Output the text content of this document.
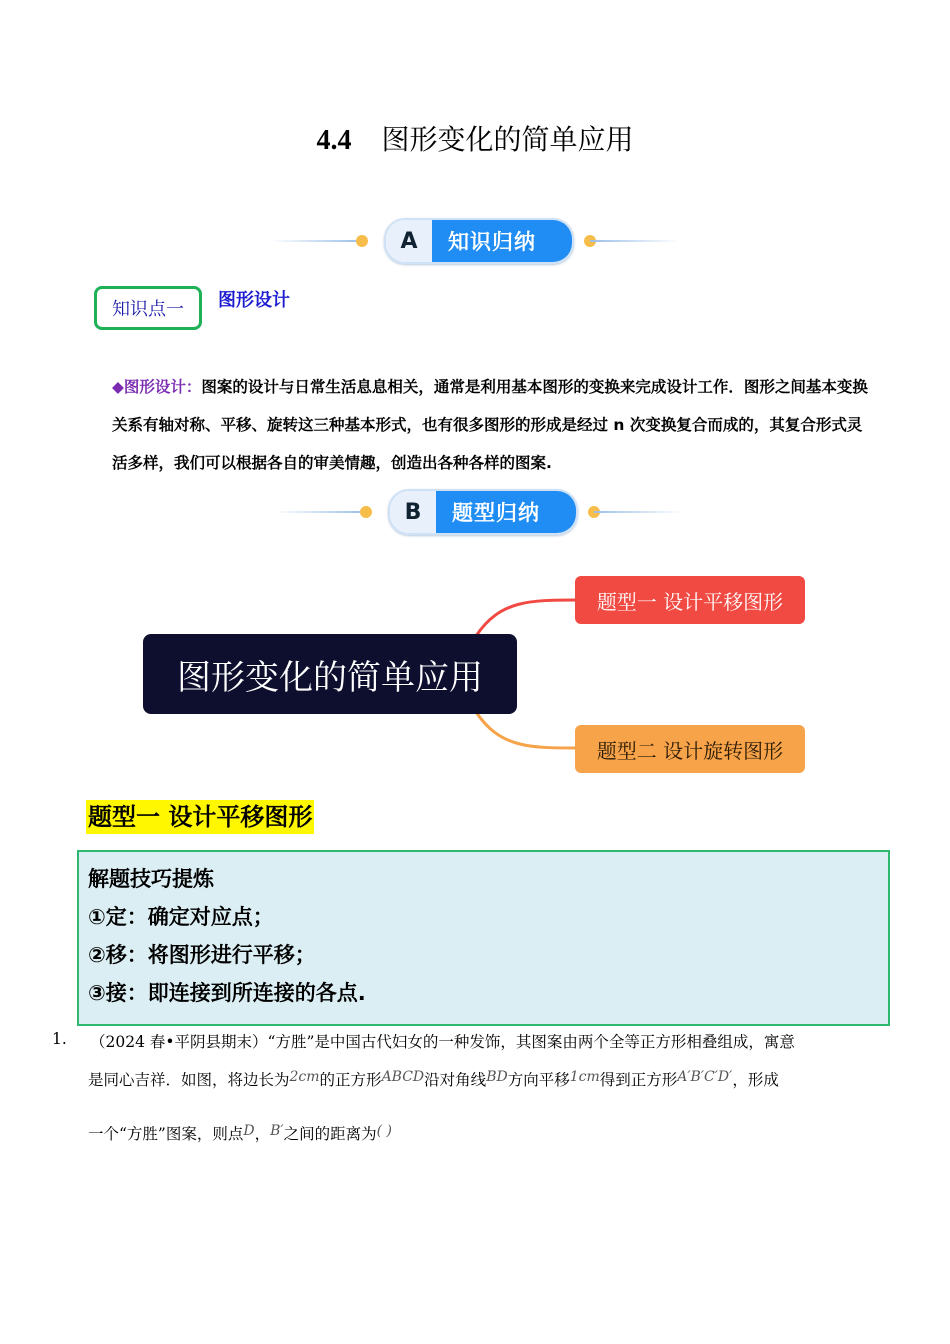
4.4 图形变化的简单应用
A	知识归纳
知识点一	图形设计
◆图形设计：图案的设计与日常生活息息相关，通常是利用基本图形的变换来完成设计工作．图形之间基本变换关系有轴对称、平移、旋转这三种基本形式，也有很多图形的形成是经过 n 次变换复合而成的，其复合形式灵活多样，我们可以根据各自的审美情趣，创造出各种各样的图案.
B	题型归纳
图形变化的简单应用
题型一 设计平移图形
题型二 设计旋转图形
题型一 设计平移图形
解题技巧提炼
①定：确定对应点；
②移：将图形进行平移；
③接：即连接到所连接的各点.
1. （2024 春•平阴县期末）“方胜”是中国古代妇女的一种发饰，其图案由两个全等正方形相叠组成，寓意
是同心吉祥．如图，将边长为2cm的正方形ABCD沿对角线BD方向平移1cm得到正方形A′B′C′D′，形成
一个“方胜”图案，则点D，B′之间的距离为( )
